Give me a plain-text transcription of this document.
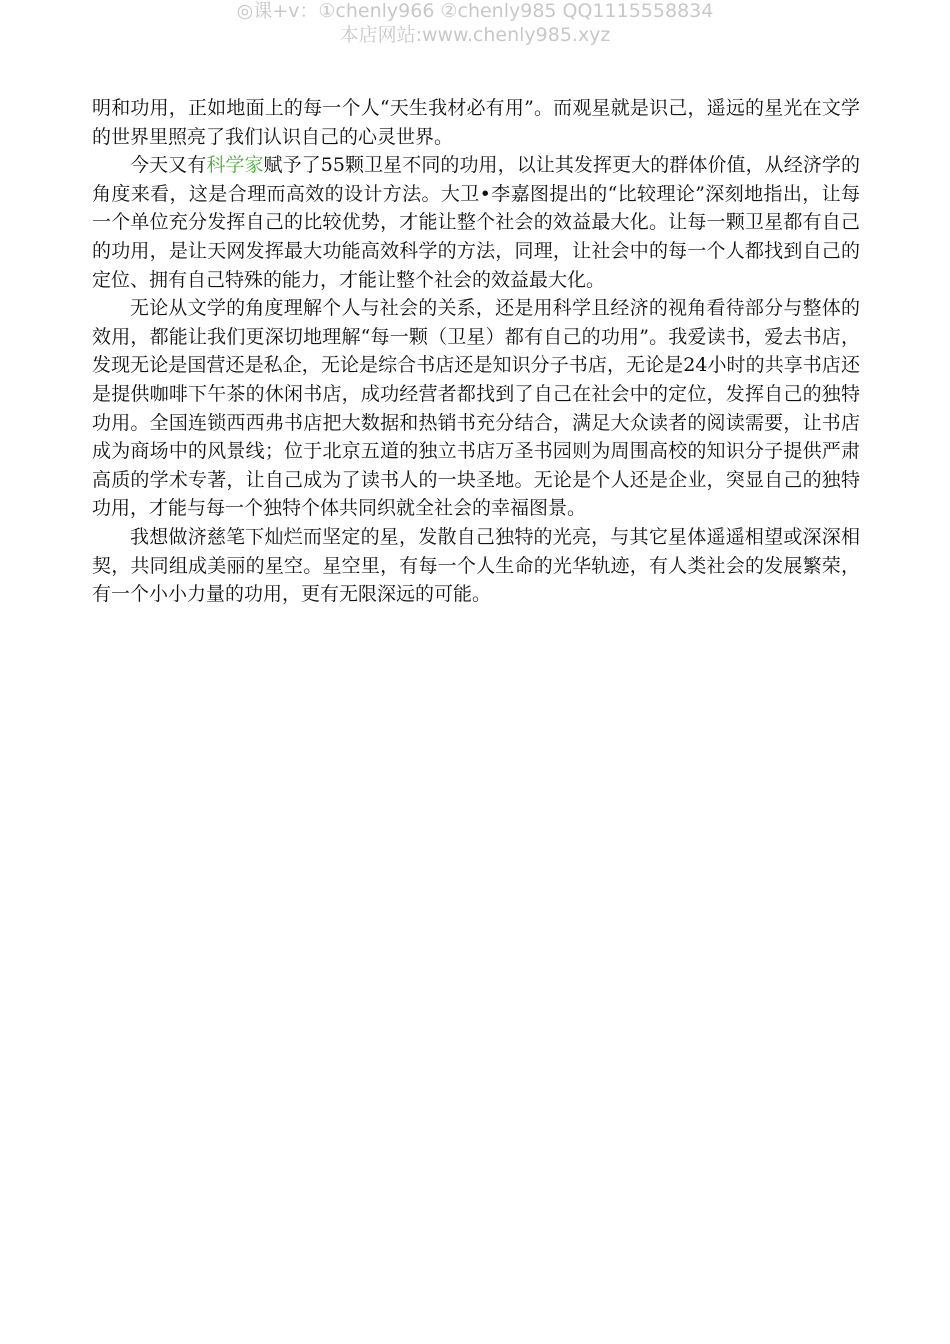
◎课+v：①chenly966 ②chenly985 QQ1115558834
本店网站:www.chenly985.xyz

明和功用，正如地面上的每一个人“天生我材必有用”。而观星就是识己，遥远的星光在文学的世界里照亮了我们认识自己的心灵世界。

今天又有科学家赋予了55颗卫星不同的功用，以让其发挥更大的群体价值，从经济学的角度来看，这是合理而高效的设计方法。大卫•李嘉图提出的“比较理论”深刻地指出，让每一个单位充分发挥自己的比较优势，才能让整个社会的效益最大化。让每一颗卫星都有自己的功用，是让天网发挥最大功能高效科学的方法，同理，让社会中的每一个人都找到自己的定位、拥有自己特殊的能力，才能让整个社会的效益最大化。

无论从文学的角度理解个人与社会的关系，还是用科学且经济的视角看待部分与整体的效用，都能让我们更深切地理解“每一颗（卫星）都有自己的功用”。我爱读书，爱去书店，发现无论是国营还是私企，无论是综合书店还是知识分子书店，无论是24小时的共享书店还是提供咖啡下午茶的休闲书店，成功经营者都找到了自己在社会中的定位，发挥自己的独特功用。全国连锁西西弗书店把大数据和热销书充分结合，满足大众读者的阅读需要，让书店成为商场中的风景线；位于北京五道的独立书店万圣书园则为周围高校的知识分子提供严肃高质的学术专著，让自己成为了读书人的一块圣地。无论是个人还是企业，突显自己的独特功用，才能与每一个独特个体共同织就全社会的幸福图景。

我想做济慈笔下灿烂而坚定的星，发散自己独特的光亮，与其它星体遥遥相望或深深相契，共同组成美丽的星空。星空里，有每一个人生命的光华轨迹，有人类社会的发展繁荣，有一个小小力量的功用，更有无限深远的可能。
